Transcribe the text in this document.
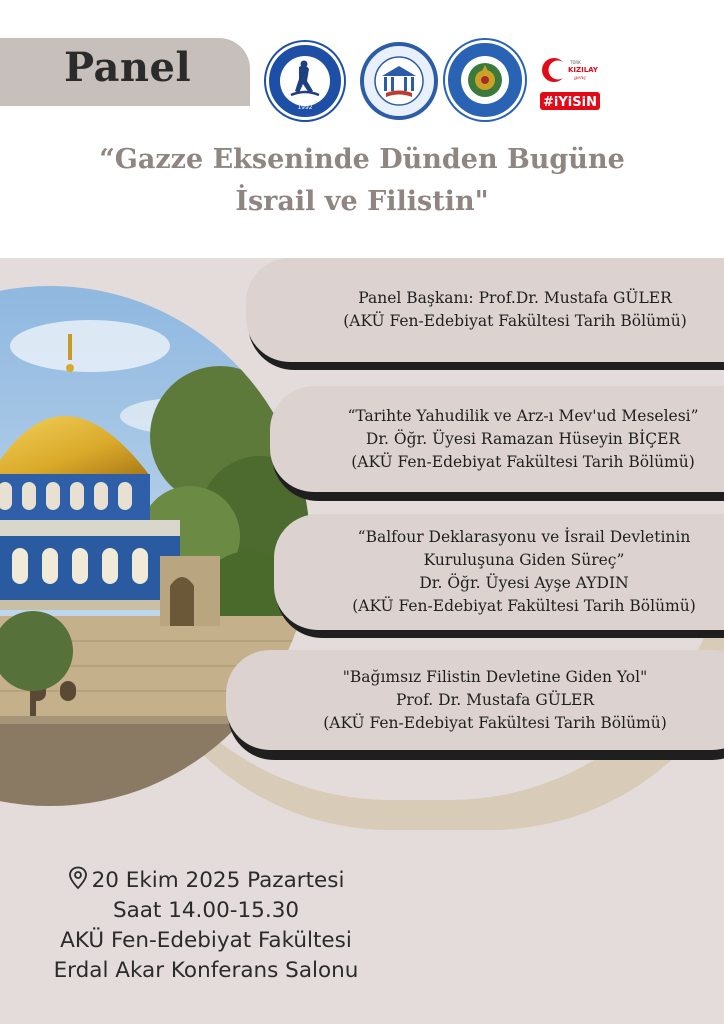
Panel
1992
TÜRK
KIZILAY
genç
#iYiSiN
“Gazze Ekseninde Dünden Bugüne
İsrail ve Filistin"
Panel Başkanı: Prof.Dr. Mustafa GÜLER
(AKÜ Fen-Edebiyat Fakültesi Tarih Bölümü)
“Tarihte Yahudilik ve Arz-ı Mev'ud Meselesi”
Dr. Öğr. Üyesi Ramazan Hüseyin BİÇER
(AKÜ Fen-Edebiyat Fakültesi Tarih Bölümü)
“Balfour Deklarasyonu ve İsrail Devletinin
Kuruluşuna Giden Süreç”
Dr. Öğr. Üyesi Ayşe AYDIN
(AKÜ Fen-Edebiyat Fakültesi Tarih Bölümü)
"Bağımsız Filistin Devletine Giden Yol"
Prof. Dr. Mustafa GÜLER
(AKÜ Fen-Edebiyat Fakültesi Tarih Bölümü)
20 Ekim 2025 Pazartesi
Saat 14.00-15.30
AKÜ Fen-Edebiyat Fakültesi
Erdal Akar Konferans Salonu
